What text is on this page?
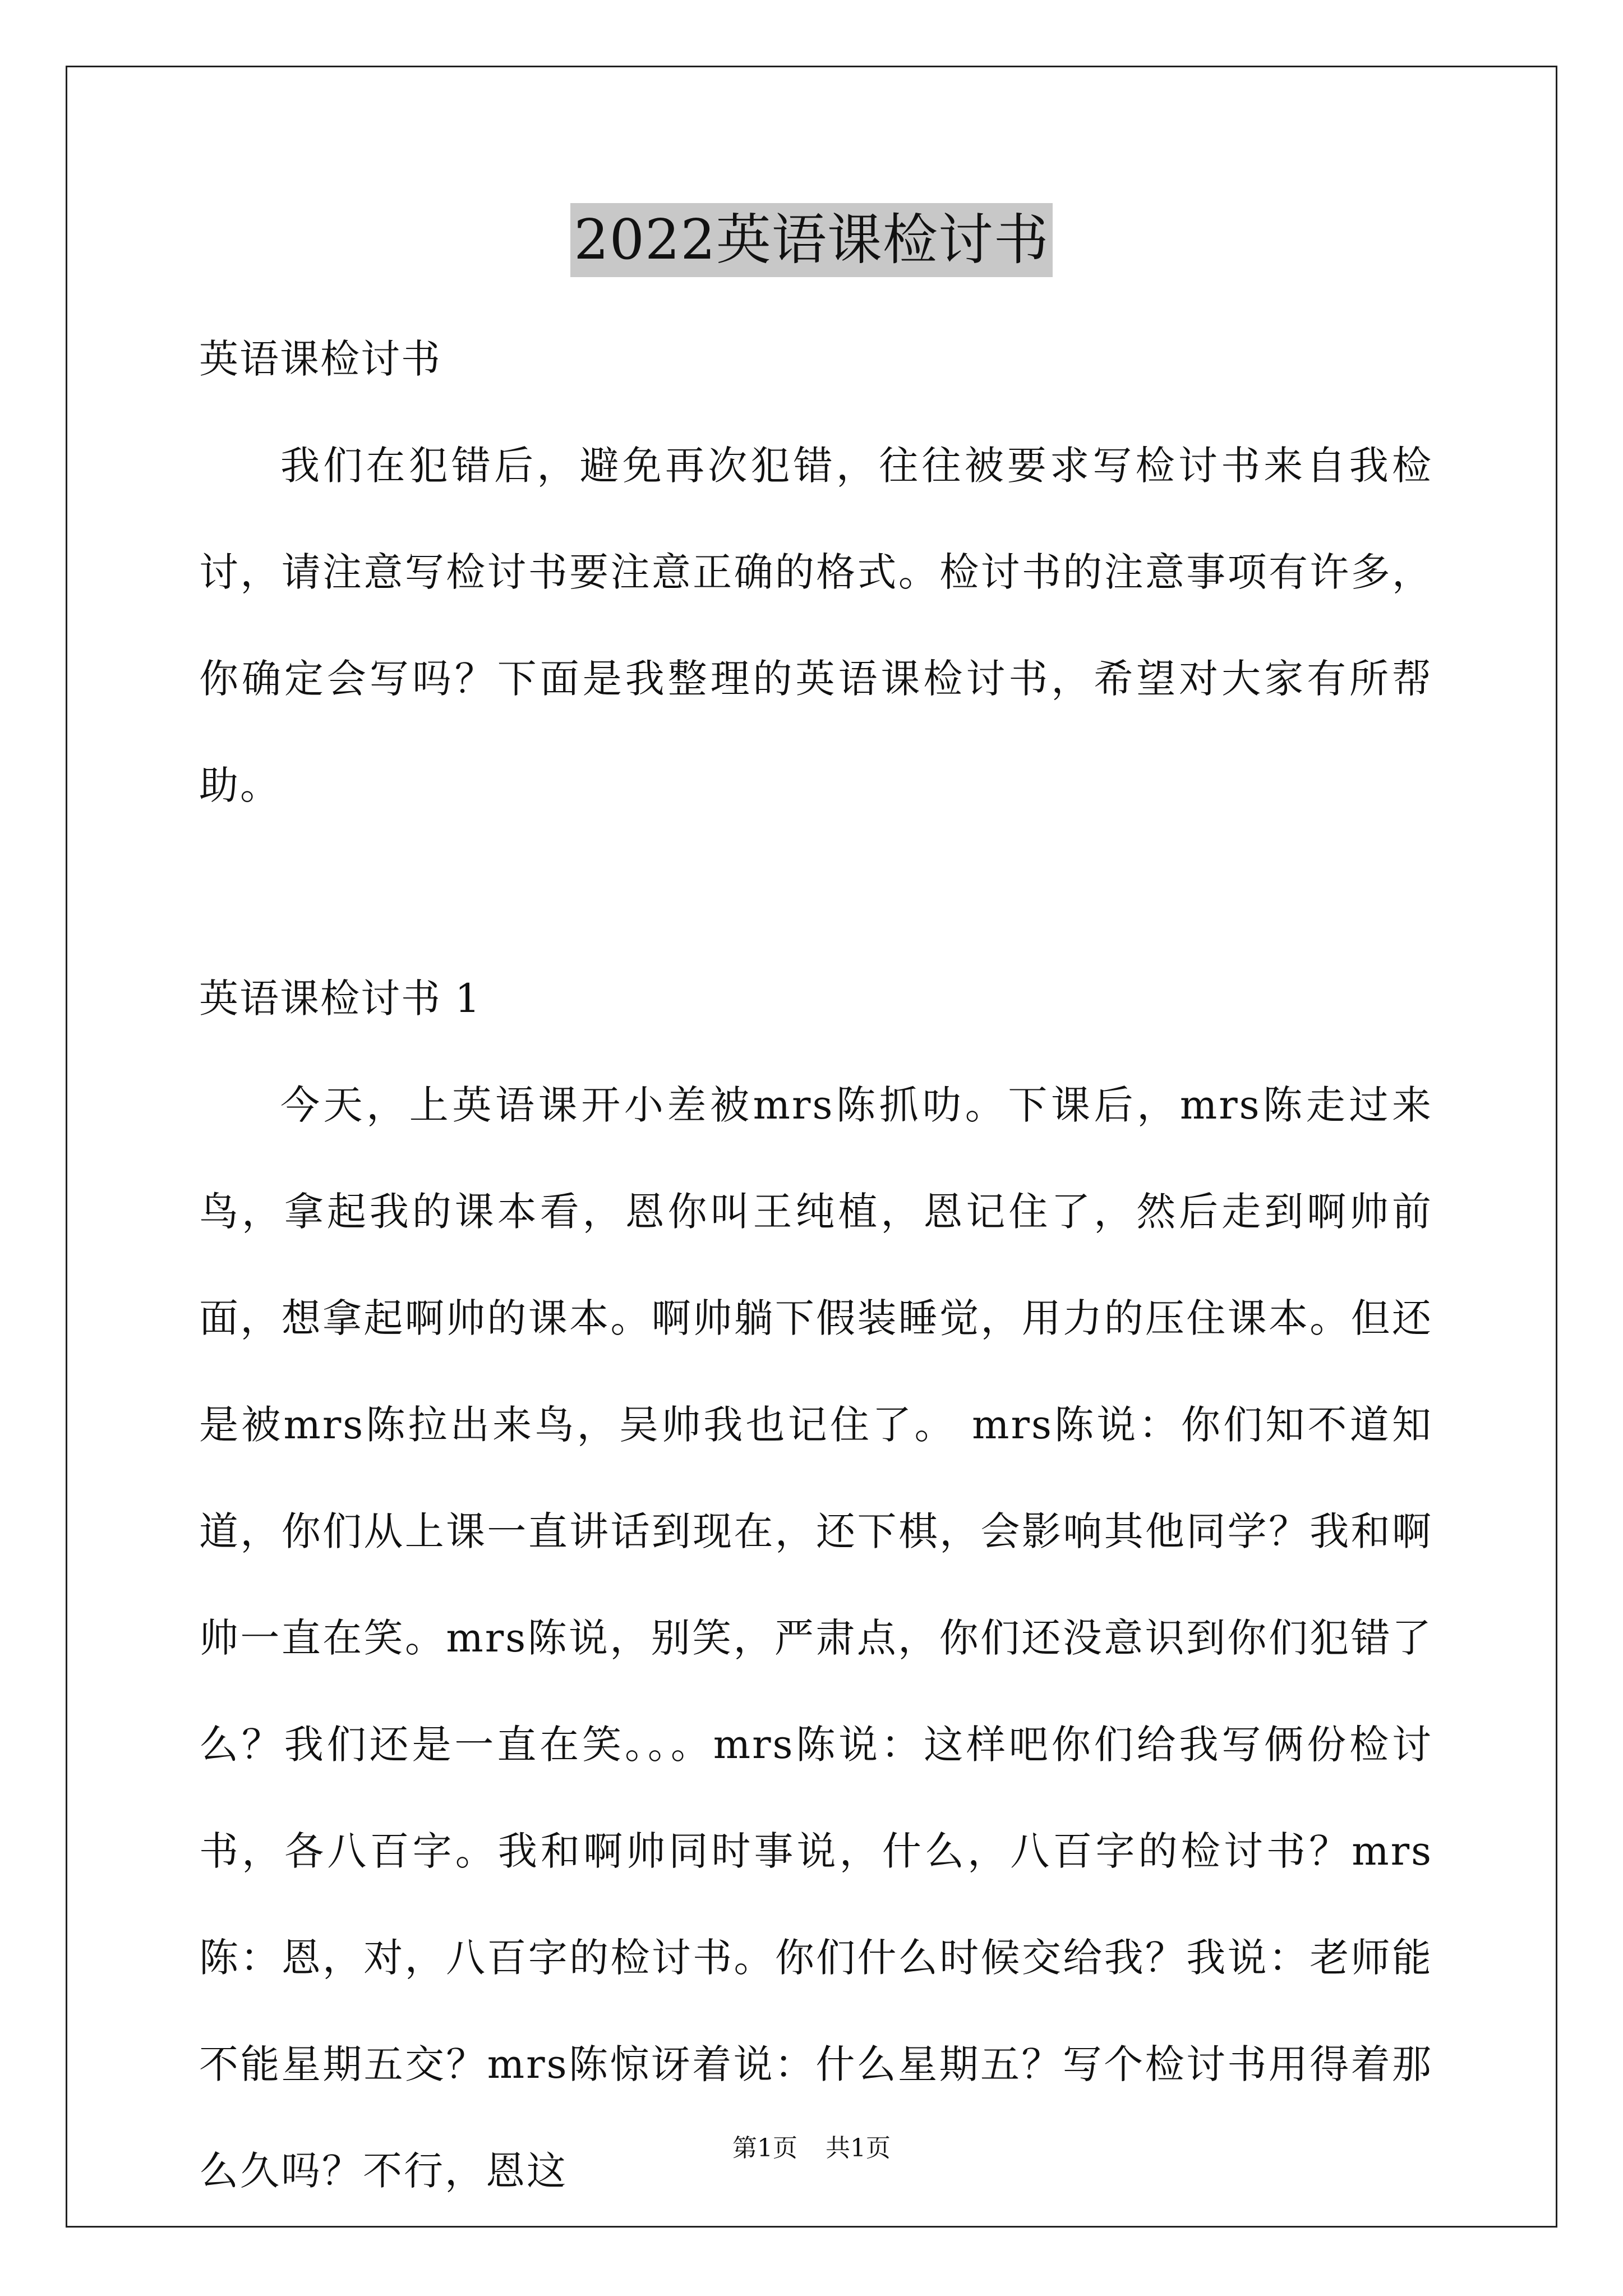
2022英语课检讨书

英语课检讨书

我们在犯错后，避免再次犯错，往往被要求写检讨书来自我检讨，请注意写检讨书要注意正确的格式。检讨书的注意事项有许多，你确定会写吗？下面是我整理的英语课检讨书，希望对大家有所帮助。

英语课检讨书 1

今天，上英语课开小差被mrs陈抓叻。下课后，mrs陈走过来鸟，拿起我的课本看，恩你叫王纯植，恩记住了，然后走到啊帅前面，想拿起啊帅的课本。啊帅躺下假装睡觉，用力的压住课本。但还是被mrs陈拉出来鸟，吴帅我也记住了。 mrs陈说：你们知不道知道，你们从上课一直讲话到现在，还下棋，会影响其他同学？我和啊帅一直在笑。mrs陈说，别笑，严肃点，你们还没意识到你们犯错了么？我们还是一直在笑。。。mrs陈说：这样吧你们给我写俩份检讨书，各八百字。我和啊帅同时事说，什么，八百字的检讨书？mrs陈：恩，对，八百字的检讨书。你们什么时候交给我？我说：老师能不能星期五交？mrs陈惊讶着说：什么星期五？写个检讨书用得着那么久吗？不行，恩这	第1页 共1页
